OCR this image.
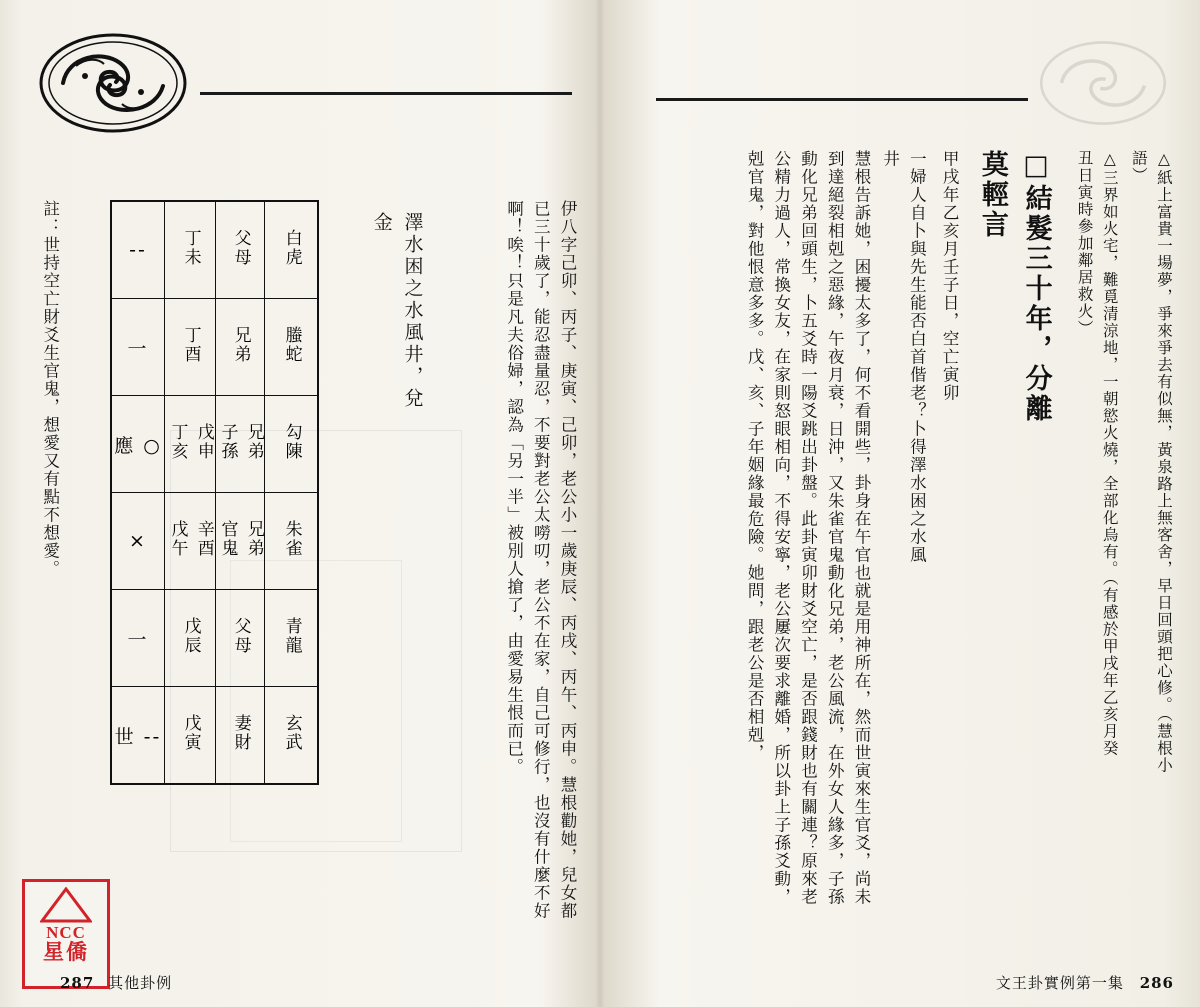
註：世持空亡財爻生官鬼，想愛又有點不想愛。	澤水困之水風井，兌金	伊八字己卯、丙子、庚寅、己卯，老公小一歲庚辰、丙戌、丙午、丙申。慧根勸她，兒女都已三十歲了，能忍盡量忍，不要對老公太嘮叨，老公不在家，自己可修行，也沒有什麼不好啊！唉！只是凡夫俗婦，認為「另一半」被別人搶了，由愛易生恨而已。
--	丁未	父母	白虎
一	丁酉	兄弟	螣蛇
應 ○	丁亥 戊申	子孫 兄弟	勾陳
×	戊午 辛酉	官鬼 兄弟	朱雀
一	戊辰	父母	青龍
世 --	戊寅	妻財	玄武
NCC
星僑
287 其他卦例
△紙上富貴一場夢，爭來爭去有似無，黃泉路上無客舍，早日回頭把心修。（慧根小語）
△三界如火宅，難覓清涼地，一朝慾火燒，全部化烏有。（有感於甲戌年乙亥月癸丑日寅時參加鄰居救火）
□結髮三十年，分離莫輕言
甲戌年乙亥月壬子日，空亡寅卯
一婦人自卜與先生能否白首偕老？卜得澤水困之水風井
慧根告訴她，困擾太多了，何不看開些，卦身在午官也就是用神所在，然而世寅來生官爻，尚未到達絕裂相剋之惡緣，午夜月衰，日沖，又朱雀官鬼動化兄弟，老公風流，在外女人緣多，子孫動化兄弟回頭生，卜五爻時一陽爻跳出卦盤。此卦寅卯財爻空亡，是否跟錢財也有關連？原來老公精力過人，常換女友，在家則怒眼相向，不得安寧，老公屢次要求離婚，所以卦上子孫爻動，剋官鬼，對他恨意多多。戊、亥、子年姻緣最危險。她問，跟老公是否相剋，
文王卦實例第一集 286
